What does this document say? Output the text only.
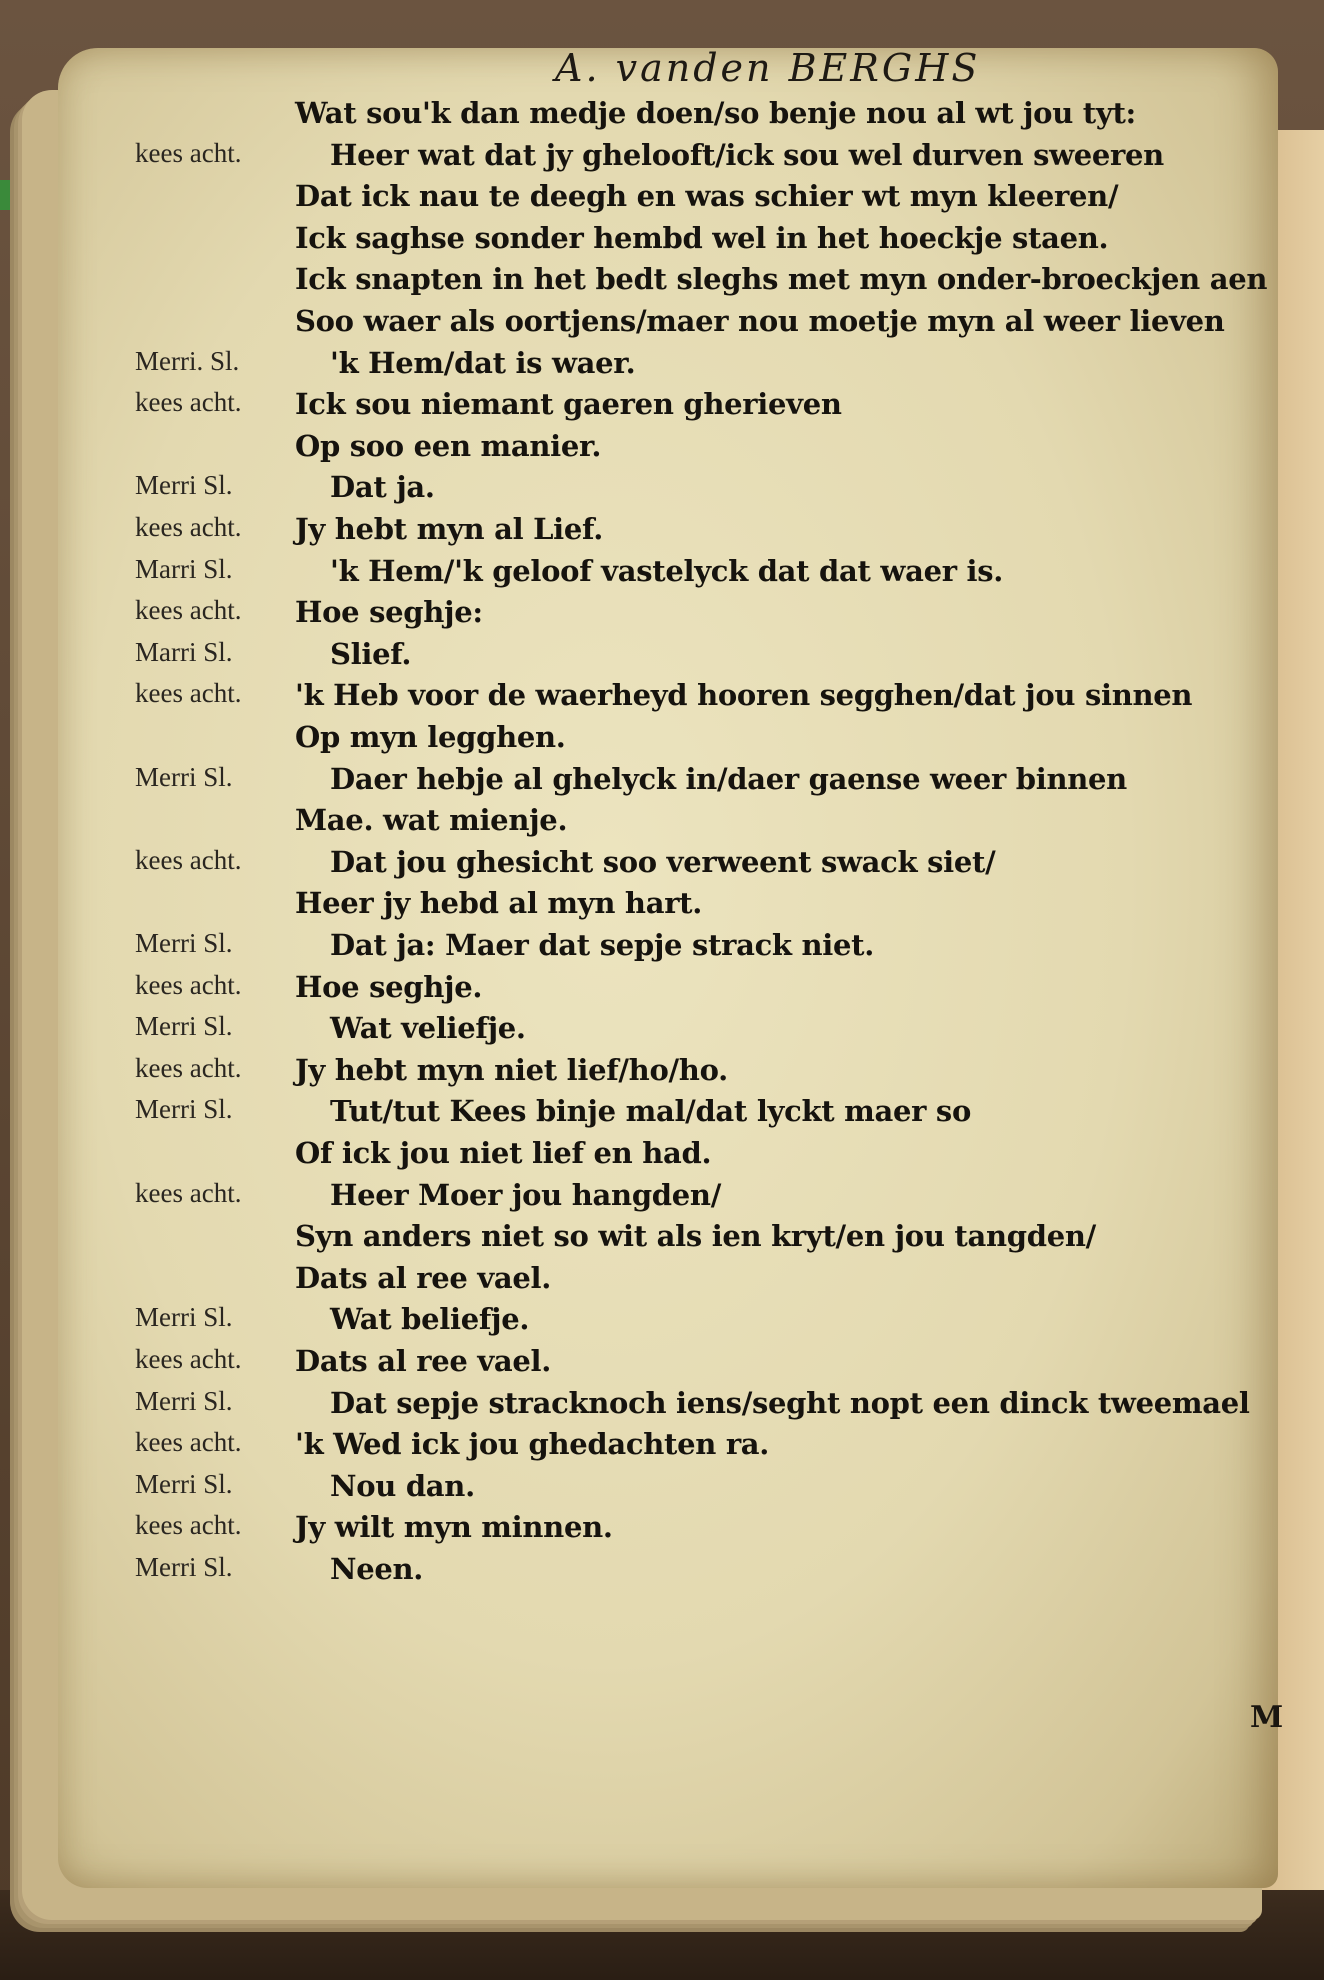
A. vanden BERGHS
Wat sou'k dan medje doen/so benje nou al wt jou tyt:
kees acht.	Heer wat dat jy ghelooft/ick sou wel durven sweeren
Dat ick nau te deegh en was schier wt myn kleeren/
Ick saghse sonder hembd wel in het hoeckje staen.
Ick snapten in het bedt sleghs met myn onder-broeckjen aen
Soo waer als oortjens/maer nou moetje myn al weer lieven
Merri. Sl.	'k Hem/dat is waer.
kees acht.	Ick sou niemant gaeren gherieven
Op soo een manier.
Merri Sl.	Dat ja.
kees acht.	Jy hebt myn al Lief.
Marri Sl.	'k Hem/'k geloof vastelyck dat dat waer is.
kees acht.	Hoe seghje:
Marri Sl.	Slief.
kees acht.	'k Heb voor de waerheyd hooren segghen/dat jou sinnen
Op myn legghen.
Merri Sl.	Daer hebje al ghelyck in/daer gaense weer binnen
Mae. wat mienje.
kees acht.	Dat jou ghesicht soo verweent swack siet/
Heer jy hebd al myn hart.
Merri Sl.	Dat ja: Maer dat sepje strack niet.
kees acht.	Hoe seghje.
Merri Sl.	Wat veliefje.
kees acht.	Jy hebt myn niet lief/ho/ho.
Merri Sl.	Tut/tut Kees binje mal/dat lyckt maer so
Of ick jou niet lief en had.
kees acht.	Heer Moer jou hangden/
Syn anders niet so wit als ien kryt/en jou tangden/
Dats al ree vael.
Merri Sl.	Wat beliefje.
kees acht.	Dats al ree vael.
Merri Sl.	Dat sepje stracknoch iens/seght nopt een dinck tweemael
kees acht.	'k Wed ick jou ghedachten ra.
Merri Sl.	Nou dan.
kees acht.	Jy wilt myn minnen.
Merri Sl.	Neen.
M
